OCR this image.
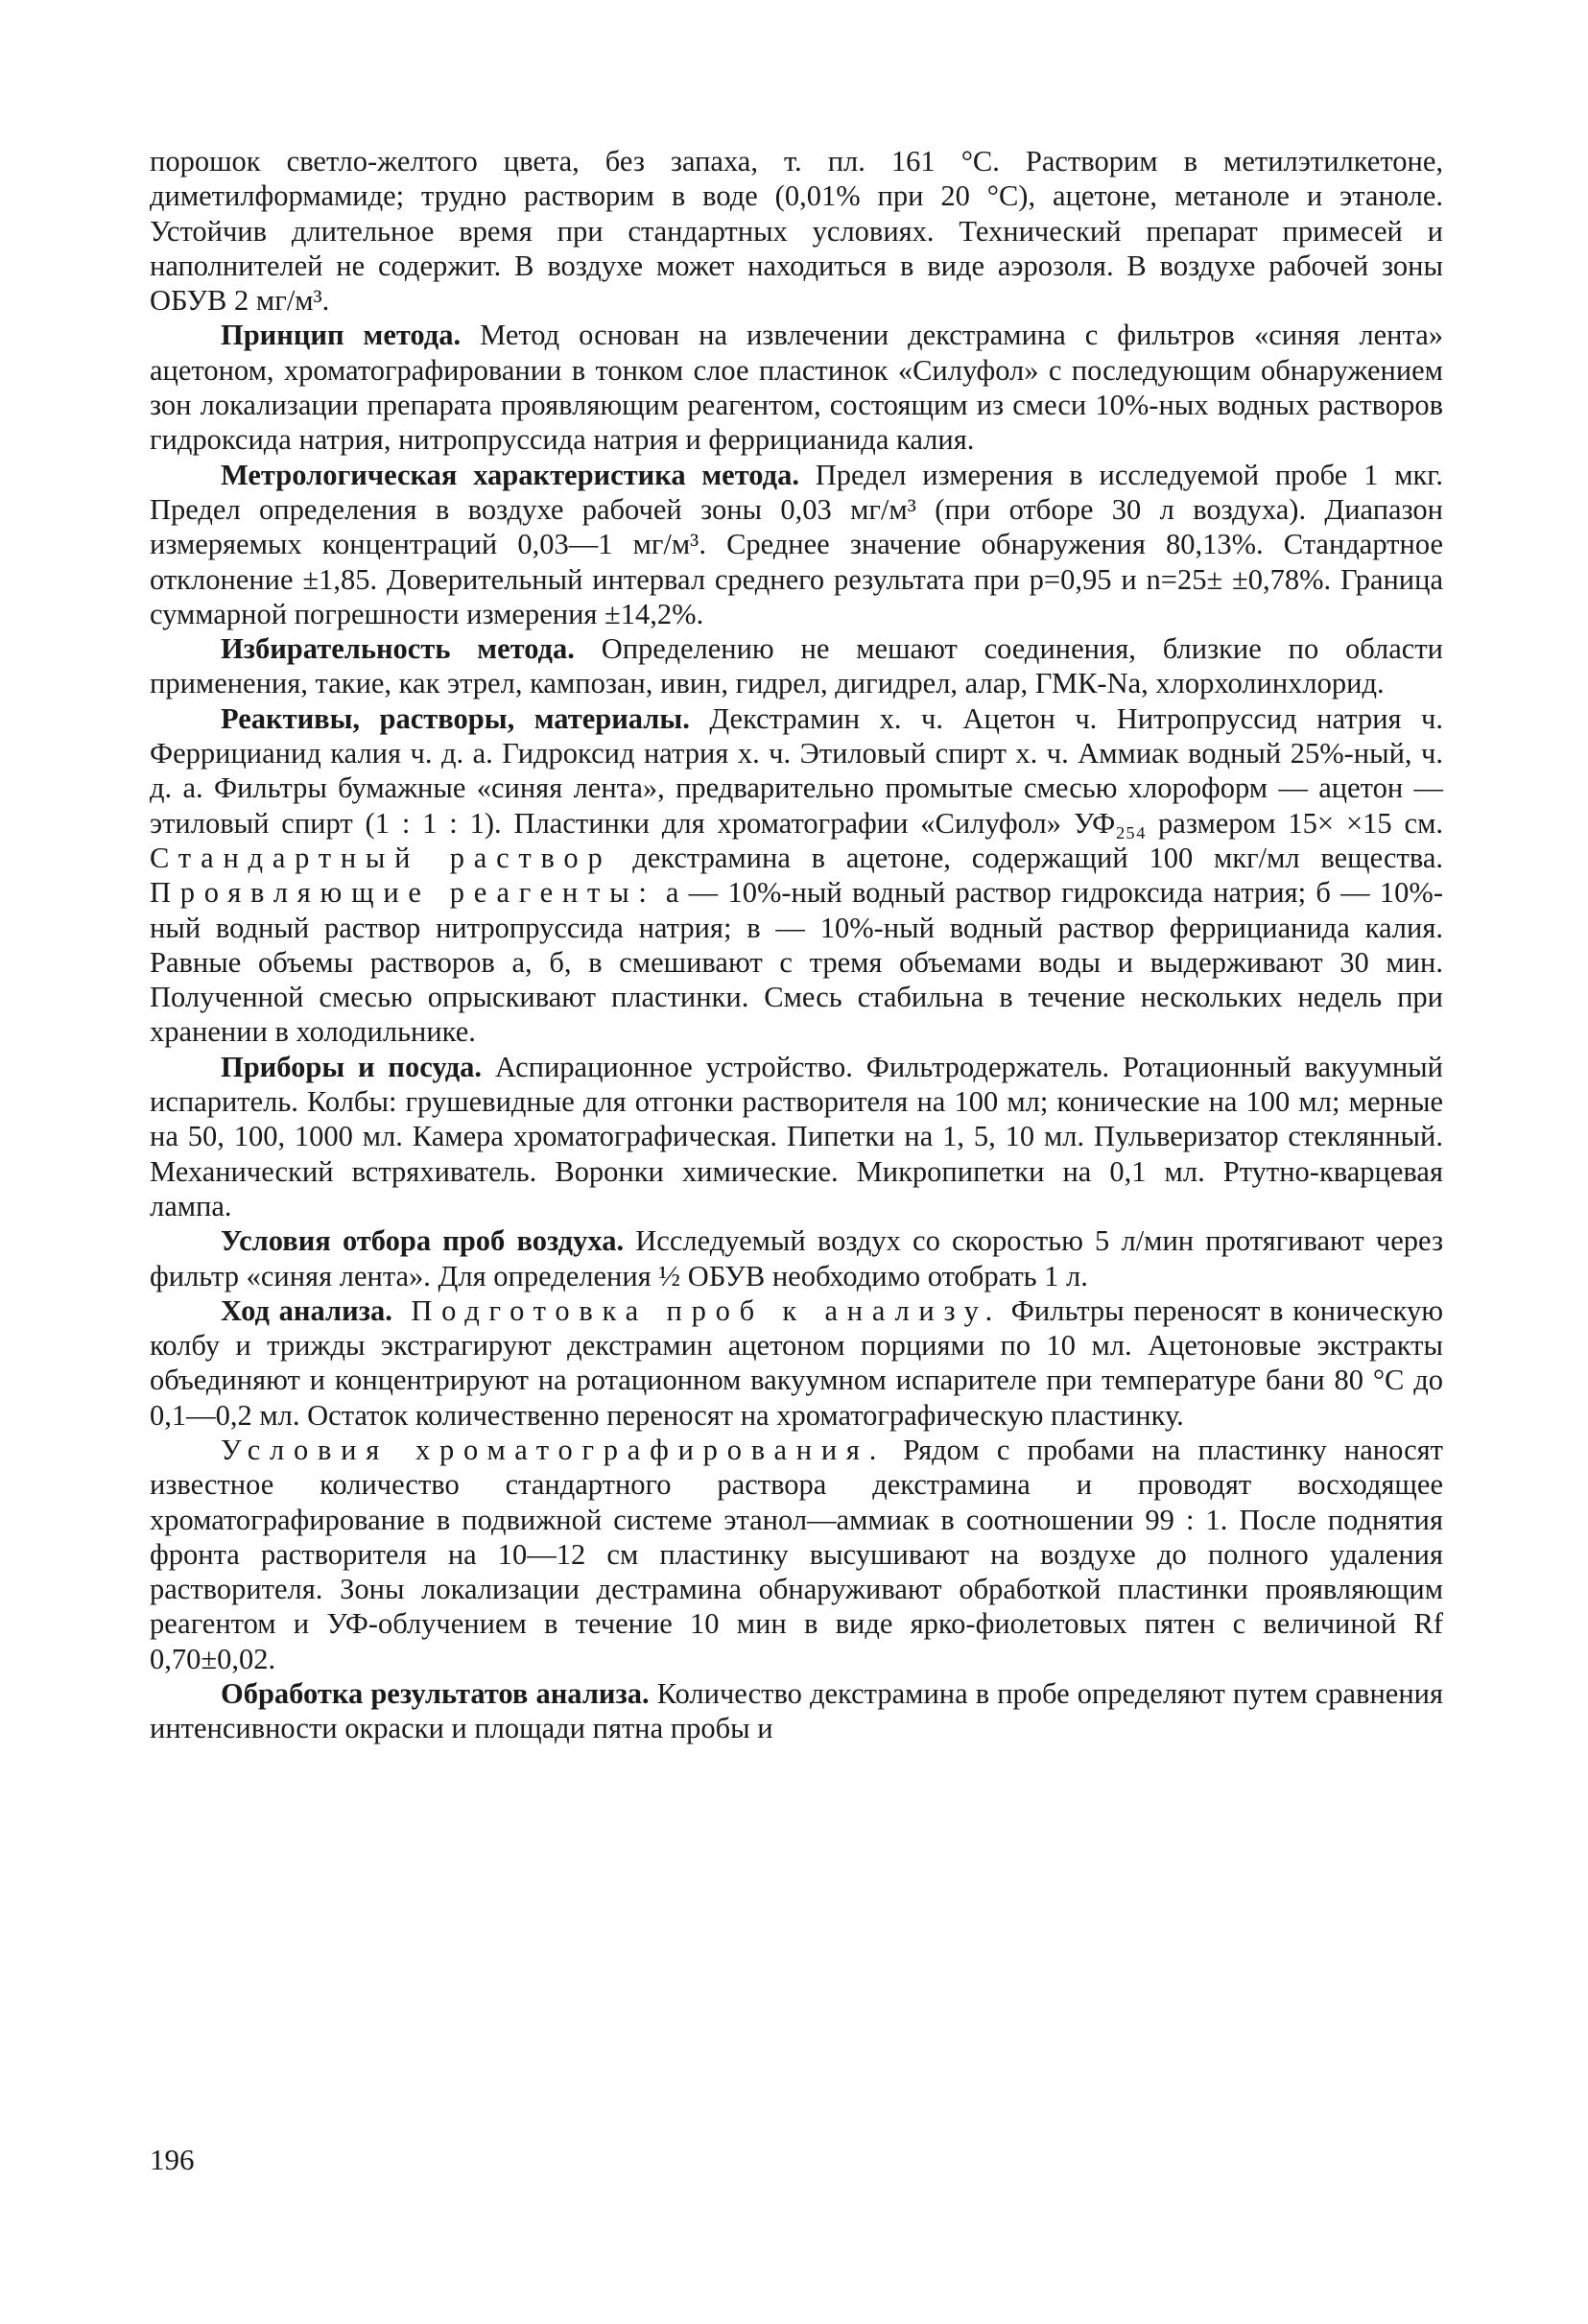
порошок светло-желтого цвета, без запаха, т. пл. 161 °С. Растворим в метилэтилкетоне, диметилформамиде; трудно растворим в воде (0,01% при 20 °С), ацетоне, метаноле и этаноле. Устойчив длительное время при стандартных условиях. Технический препарат примесей и наполнителей не содержит. В воздухе может находиться в виде аэрозоля. В воздухе рабочей зоны ОБУВ 2 мг/м³.

Принцип метода. Метод основан на извлечении декстрамина с фильтров «синяя лента» ацетоном, хроматографировании в тонком слое пластинок «Силуфол» с последующим обнаружением зон локализации препарата проявляющим реагентом, состоящим из смеси 10%-ных водных растворов гидроксида натрия, нитропруссида натрия и феррицианида калия.

Метрологическая характеристика метода. Предел измерения в исследуемой пробе 1 мкг. Предел определения в воздухе рабочей зоны 0,03 мг/м³ (при отборе 30 л воздуха). Диапазон измеряемых концентраций 0,03—1 мг/м³. Среднее значение обнаружения 80,13%. Стандартное отклонение ±1,85. Доверительный интервал среднего результата при p=0,95 и n=25± ±0,78%. Граница суммарной погрешности измерения ±14,2%.

Избирательность метода. Определению не мешают соединения, близкие по области применения, такие, как этрел, кампозан, ивин, гидрел, дигидрел, алар, ГМК-Na, хлорхолинхлорид.

Реактивы, растворы, материалы. Декстрамин х. ч. Ацетон ч. Нитропруссид натрия ч. Феррицианид калия ч. д. а. Гидроксид натрия х. ч. Этиловый спирт х. ч. Аммиак водный 25%-ный, ч. д. а. Фильтры бумажные «синяя лента», предварительно промытые смесью хлороформ — ацетон — этиловый спирт (1 : 1 : 1). Пластинки для хроматографии «Силуфол» УФ₂₅₄ размером 15× ×15 см. Стандартный раствор декстрамина в ацетоне, содержащий 100 мкг/мл вещества. Проявляющие реагенты: а — 10%-ный водный раствор гидроксида натрия; б — 10%-ный водный раствор нитропруссида натрия; в — 10%-ный водный раствор феррицианида калия. Равные объемы растворов а, б, в смешивают с тремя объемами воды и выдерживают 30 мин. Полученной смесью опрыскивают пластинки. Смесь стабильна в течение нескольких недель при хранении в холодильнике.

Приборы и посуда. Аспирационное устройство. Фильтродержатель. Ротационный вакуумный испаритель. Колбы: грушевидные для отгонки растворителя на 100 мл; конические на 100 мл; мерные на 50, 100, 1000 мл. Камера хроматографическая. Пипетки на 1, 5, 10 мл. Пульверизатор стеклянный. Механический встряхиватель. Воронки химические. Микропипетки на 0,1 мл. Ртутно-кварцевая лампа.

Условия отбора проб воздуха. Исследуемый воздух со скоростью 5 л/мин протягивают через фильтр «синяя лента». Для определения ½ ОБУВ необходимо отобрать 1 л.

Ход анализа. Подготовка проб к анализу. Фильтры переносят в коническую колбу и трижды экстрагируют декстрамин ацетоном порциями по 10 мл. Ацетоновые экстракты объединяют и концентрируют на ротационном вакуумном испарителе при температуре бани 80 °С до 0,1—0,2 мл. Остаток количественно переносят на хроматографическую пластинку.

Условия хроматографирования. Рядом с пробами на пластинку наносят известное количество стандартного раствора декстрамина и проводят восходящее хроматографирование в подвижной системе этанол—аммиак в соотношении 99 : 1. После поднятия фронта растворителя на 10—12 см пластинку высушивают на воздухе до полного удаления растворителя. Зоны локализации дестрамина обнаруживают обработкой пластинки проявляющим реагентом и УФ-облучением в течение 10 мин в виде ярко-фиолетовых пятен с величиной Rf 0,70±0,02.

Обработка результатов анализа. Количество декстрамина в пробе определяют путем сравнения интенсивности окраски и площади пятна пробы и

196
